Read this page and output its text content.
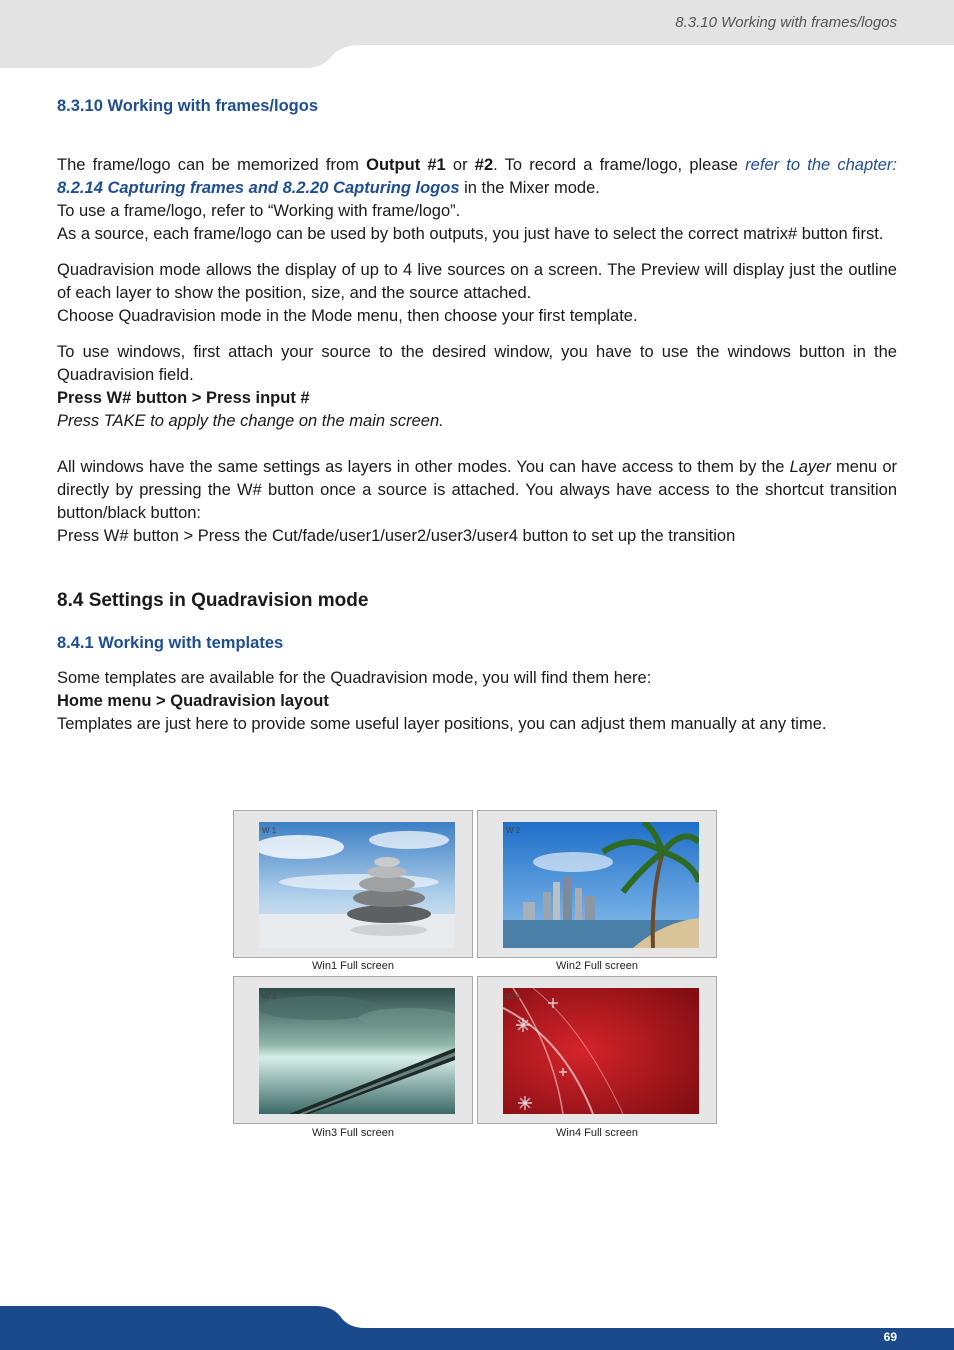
8.3.10 Working with frames/logos

8.3.10 Working with frames/logos

The frame/logo can be memorized from Output #1 or #2. To record a frame/logo, please refer to the chapter: 8.2.14 Capturing frames and 8.2.20 Capturing logos in the Mixer mode.

To use a frame/logo, refer to “Working with frame/logo”.

As a source, each frame/logo can be used by both outputs, you just have to select the correct matrix# button first.

Quadravision mode allows the display of up to 4 live sources on a screen. The Preview will display just the outline of each layer to show the position, size, and the source attached.

Choose Quadravision mode in the Mode menu, then choose your first template.

To use windows, first attach your source to the desired window, you have to use the windows button in the Quadravision field.

Press W# button > Press input #

Press TAKE to apply the change on the main screen.

All windows have the same settings as layers in other modes. You can have access to them by the Layer menu or directly by pressing the W# button once a source is attached. You always have access to the shortcut transition button/black button:

Press W# button > Press the Cut/fade/user1/user2/user3/user4 button to set up the transition

8.4 Settings in Quadravision mode

8.4.1 Working with templates

Some templates are available for the Quadravision mode, you will find them here:

Home menu > Quadravision layout

Templates are just here to provide some useful layer positions, you can adjust them manually at any time.

W 1	W 2
Win1 Full screen	Win2 Full screen
W 3	W 4
Win3 Full screen	Win4 Full screen
69
